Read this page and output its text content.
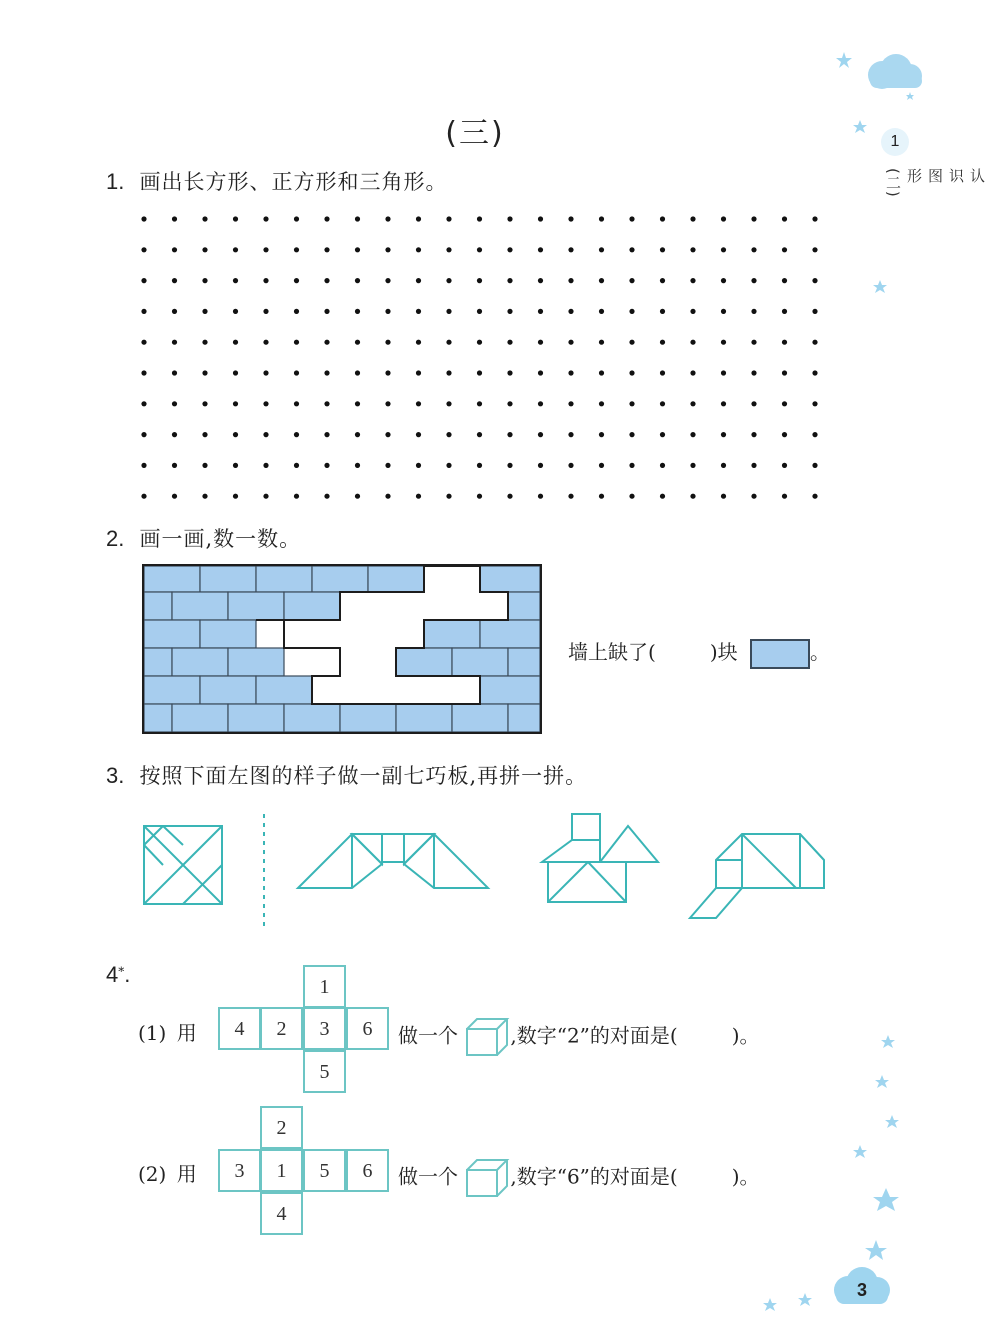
1
认识图形(二)
(三)
1. 画出长方形、正方形和三角形。
2. 画一画,数一数。
墙上缺了(	)块	。
3. 按照下面左图的样子做一副七巧板,再拼一拼。
4*.
(1) 用
1
4	2	3	6
5
做一个	,数字“2”的对面是(	)。
(2) 用
2
3	1	5	6
4
做一个	,数字“6”的对面是(	)。
3
